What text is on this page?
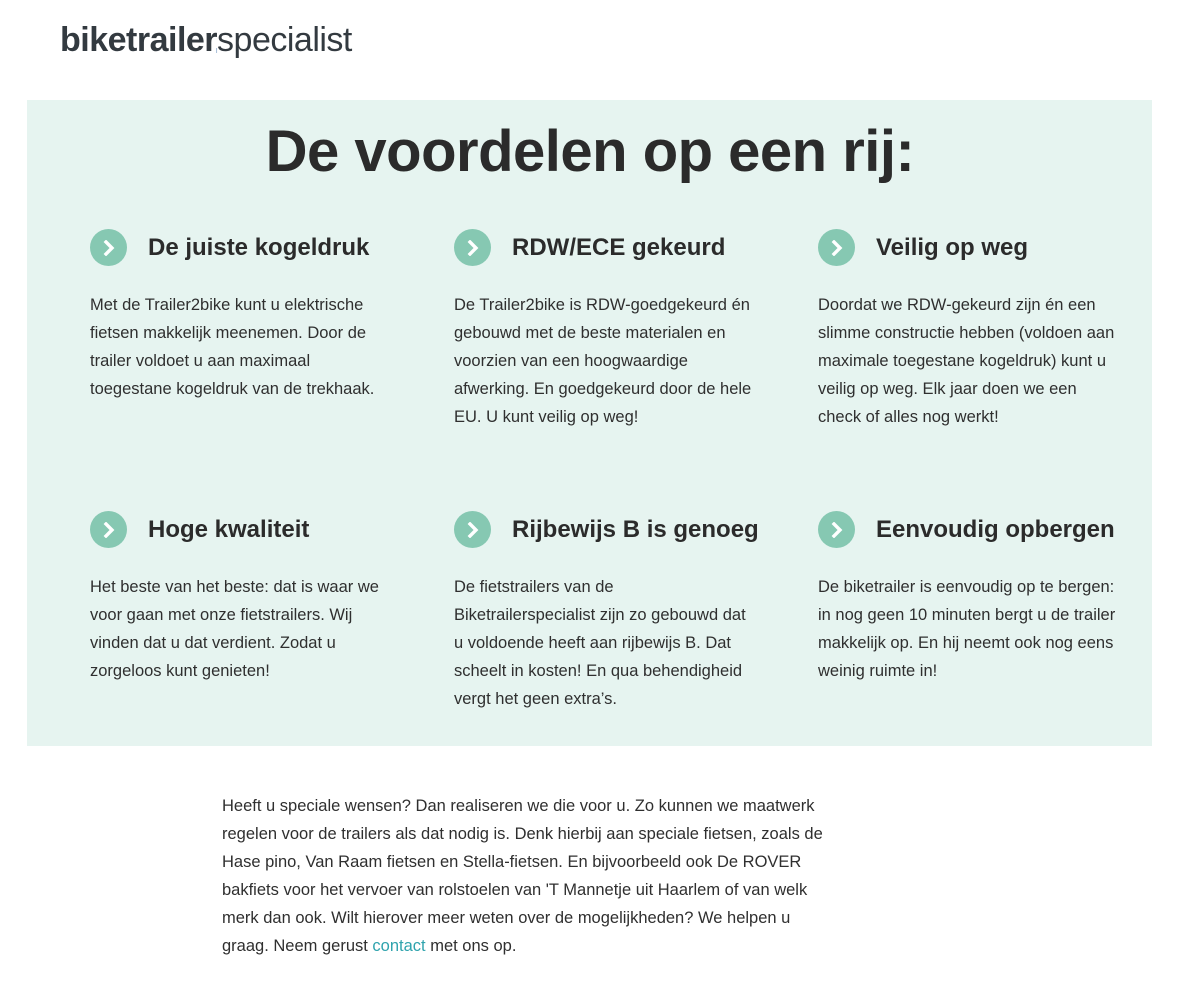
biketrailerspecialist
De voordelen op een rij:
De juiste kogeldruk

Met de Trailer2bike kunt u elektrische fietsen makkelijk meenemen. Door de trailer voldoet u aan maximaal toegestane kogeldruk van de trekhaak.

RDW/ECE gekeurd

De Trailer2bike is RDW-goedgekeurd én gebouwd met de beste materialen en voorzien van een hoogwaardige afwerking. En goedgekeurd door de hele EU. U kunt veilig op weg!

Veilig op weg

Doordat we RDW-gekeurd zijn én een slimme constructie hebben (voldoen aan maximale toegestane kogeldruk) kunt u veilig op weg. Elk jaar doen we een check of alles nog werkt!

Hoge kwaliteit

Het beste van het beste: dat is waar we voor gaan met onze fietstrailers. Wij vinden dat u dat verdient. Zodat u zorgeloos kunt genieten!

Rijbewijs B is genoeg

De fietstrailers van de Biketrailerspecialist zijn zo gebouwd dat u voldoende heeft aan rijbewijs B. Dat scheelt in kosten! En qua behendigheid vergt het geen extra’s.

Eenvoudig opbergen

De biketrailer is eenvoudig op te bergen: in nog geen 10 minuten bergt u de trailer makkelijk op. En hij neemt ook nog eens weinig ruimte in!

Heeft u speciale wensen? Dan realiseren we die voor u. Zo kunnen we maatwerk regelen voor de trailers als dat nodig is. Denk hierbij aan speciale fietsen, zoals de Hase pino, Van Raam fietsen en Stella-fietsen. En bijvoorbeeld ook De ROVER bakfiets voor het vervoer van rolstoelen van 'T Mannetje uit Haarlem of van welk merk dan ook. Wilt hierover meer weten over de mogelijkheden? We helpen u graag. Neem gerust contact met ons op.
